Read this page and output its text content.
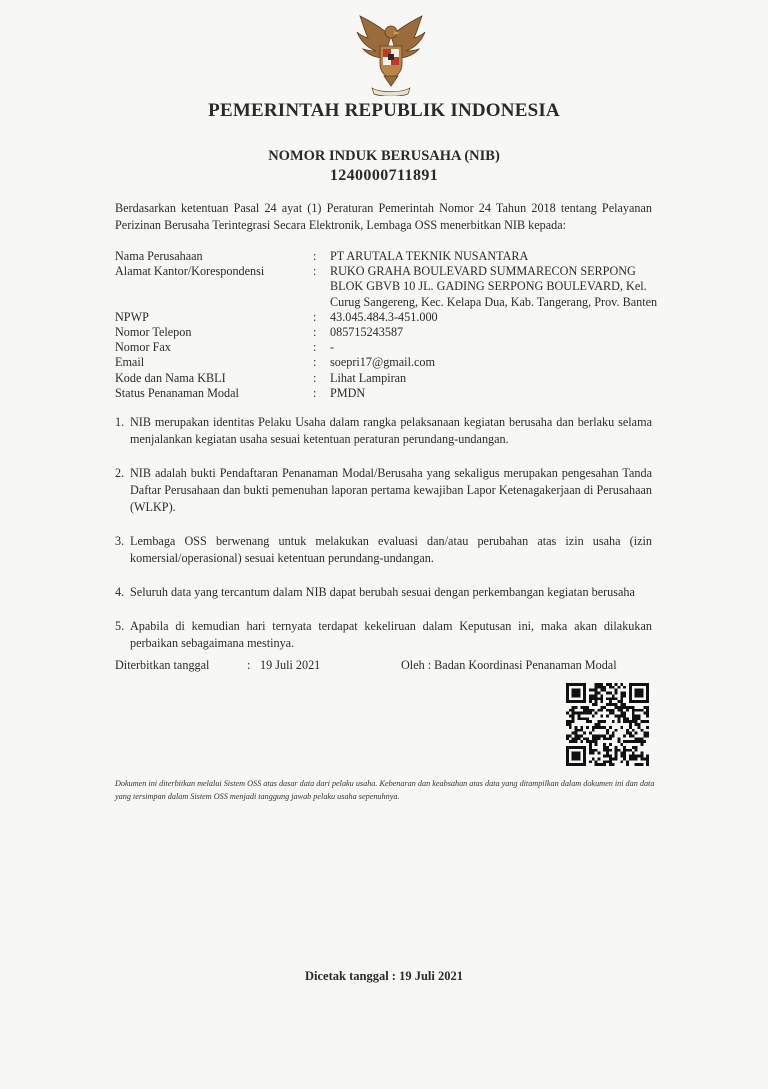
PEMERINTAH REPUBLIK INDONESIA
NOMOR INDUK BERUSAHA (NIB)
1240000711891
Berdasarkan ketentuan Pasal 24 ayat (1) Peraturan Pemerintah Nomor 24 Tahun 2018 tentang Pelayanan Perizinan Berusaha Terintegrasi Secara Elektronik, Lembaga OSS menerbitkan NIB kepada:
Nama Perusahaan	:	PT ARUTALA TEKNIK NUSANTARA
Alamat Kantor/Korespondensi	:	RUKO GRAHA BOULEVARD SUMMARECON SERPONG
BLOK GBVB 10 JL. GADING SERPONG BOULEVARD, Kel.
Curug Sangereng, Kec. Kelapa Dua, Kab. Tangerang, Prov. Banten
NPWP	:	43.045.484.3-451.000
Nomor Telepon	:	085715243587
Nomor Fax	:	-
Email	:	soepri17@gmail.com
Kode dan Nama KBLI	:	Lihat Lampiran
Status Penanaman Modal	:	PMDN
1. NIB merupakan identitas Pelaku Usaha dalam rangka pelaksanaan kegiatan berusaha dan berlaku selama menjalankan kegiatan usaha sesuai ketentuan peraturan perundang-undangan.
2. NIB adalah bukti Pendaftaran Penanaman Modal/Berusaha yang sekaligus merupakan pengesahan Tanda Daftar Perusahaan dan bukti pemenuhan laporan pertama kewajiban Lapor Ketenagakerjaan di Perusahaan (WLKP).
3. Lembaga OSS berwenang untuk melakukan evaluasi dan/atau perubahan atas izin usaha (izin komersial/operasional) sesuai ketentuan perundang-undangan.
4. Seluruh data yang tercantum dalam NIB dapat berubah sesuai dengan perkembangan kegiatan berusaha
5. Apabila di kemudian hari ternyata terdapat kekeliruan dalam Keputusan ini, maka akan dilakukan perbaikan sebagaimana mestinya.
Diterbitkan tanggal	: 19 Juli 2021	Oleh : Badan Koordinasi Penanaman Modal
Dokumen ini diterbitkan melalui Sistem OSS atas dasar data dari pelaku usaha. Kebenaran dan keabsahan atas data yang ditampilkan dalam dokumen ini dan data yang tersimpan dalam Sistem OSS menjadi tanggung jawab pelaku usaha sepenuhnya.
Dicetak tanggal : 19 Juli 2021
